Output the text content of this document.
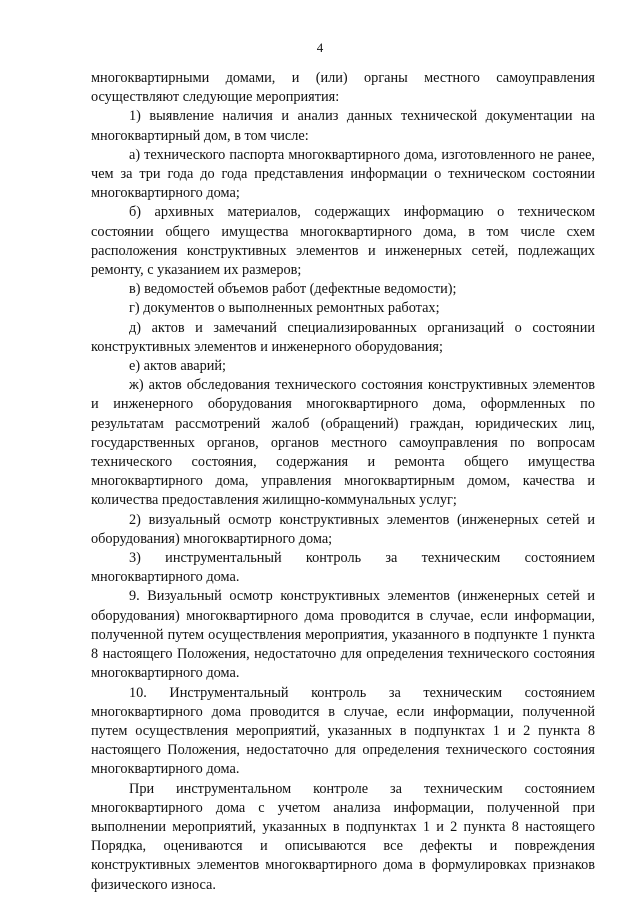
4

многоквартирными домами, и (или) органы местного самоуправления осуществляют следующие мероприятия:

1) выявление наличия и анализ данных технической документации на многоквартирный дом, в том числе:

а) технического паспорта многоквартирного дома, изготовленного не ранее, чем за три года до года представления информации о техническом состоянии многоквартирного дома;

б) архивных материалов, содержащих информацию о техническом состоянии общего имущества многоквартирного дома, в том числе схем расположения конструктивных элементов и инженерных сетей, подлежащих ремонту, с указанием их размеров;

в) ведомостей объемов работ (дефектные ведомости);

г) документов о выполненных ремонтных работах;

д) актов и замечаний специализированных организаций о состоянии конструктивных элементов и инженерного оборудования;

е) актов аварий;

ж) актов обследования технического состояния конструктивных элементов и инженерного оборудования многоквартирного дома, оформленных по результатам рассмотрений жалоб (обращений) граждан, юридических лиц, государственных органов, органов местного самоуправления по вопросам технического состояния, содержания и ремонта общего имущества многоквартирного дома, управления многоквартирным домом, качества и количества предоставления жилищно-коммунальных услуг;

2) визуальный осмотр конструктивных элементов (инженерных сетей и оборудования) многоквартирного дома;

3) инструментальный контроль за техническим состоянием многоквартирного дома.

9. Визуальный осмотр конструктивных элементов (инженерных сетей и оборудования) многоквартирного дома проводится в случае, если информации, полученной путем осуществления мероприятия, указанного в подпункте 1 пункта 8 настоящего Положения, недостаточно для определения технического состояния многоквартирного дома.

10. Инструментальный контроль за техническим состоянием многоквартирного дома проводится в случае, если информации, полученной путем осуществления мероприятий, указанных в подпунктах 1 и 2 пункта 8 настоящего Положения, недостаточно для определения технического состояния многоквартирного дома.

При инструментальном контроле за техническим состоянием многоквартирного дома с учетом анализа информации, полученной при выполнении мероприятий, указанных в подпунктах 1 и 2 пункта 8 настоящего Порядка, оцениваются и описываются все дефекты и повреждения конструктивных элементов многоквартирного дома в формулировках признаков физического износа.
